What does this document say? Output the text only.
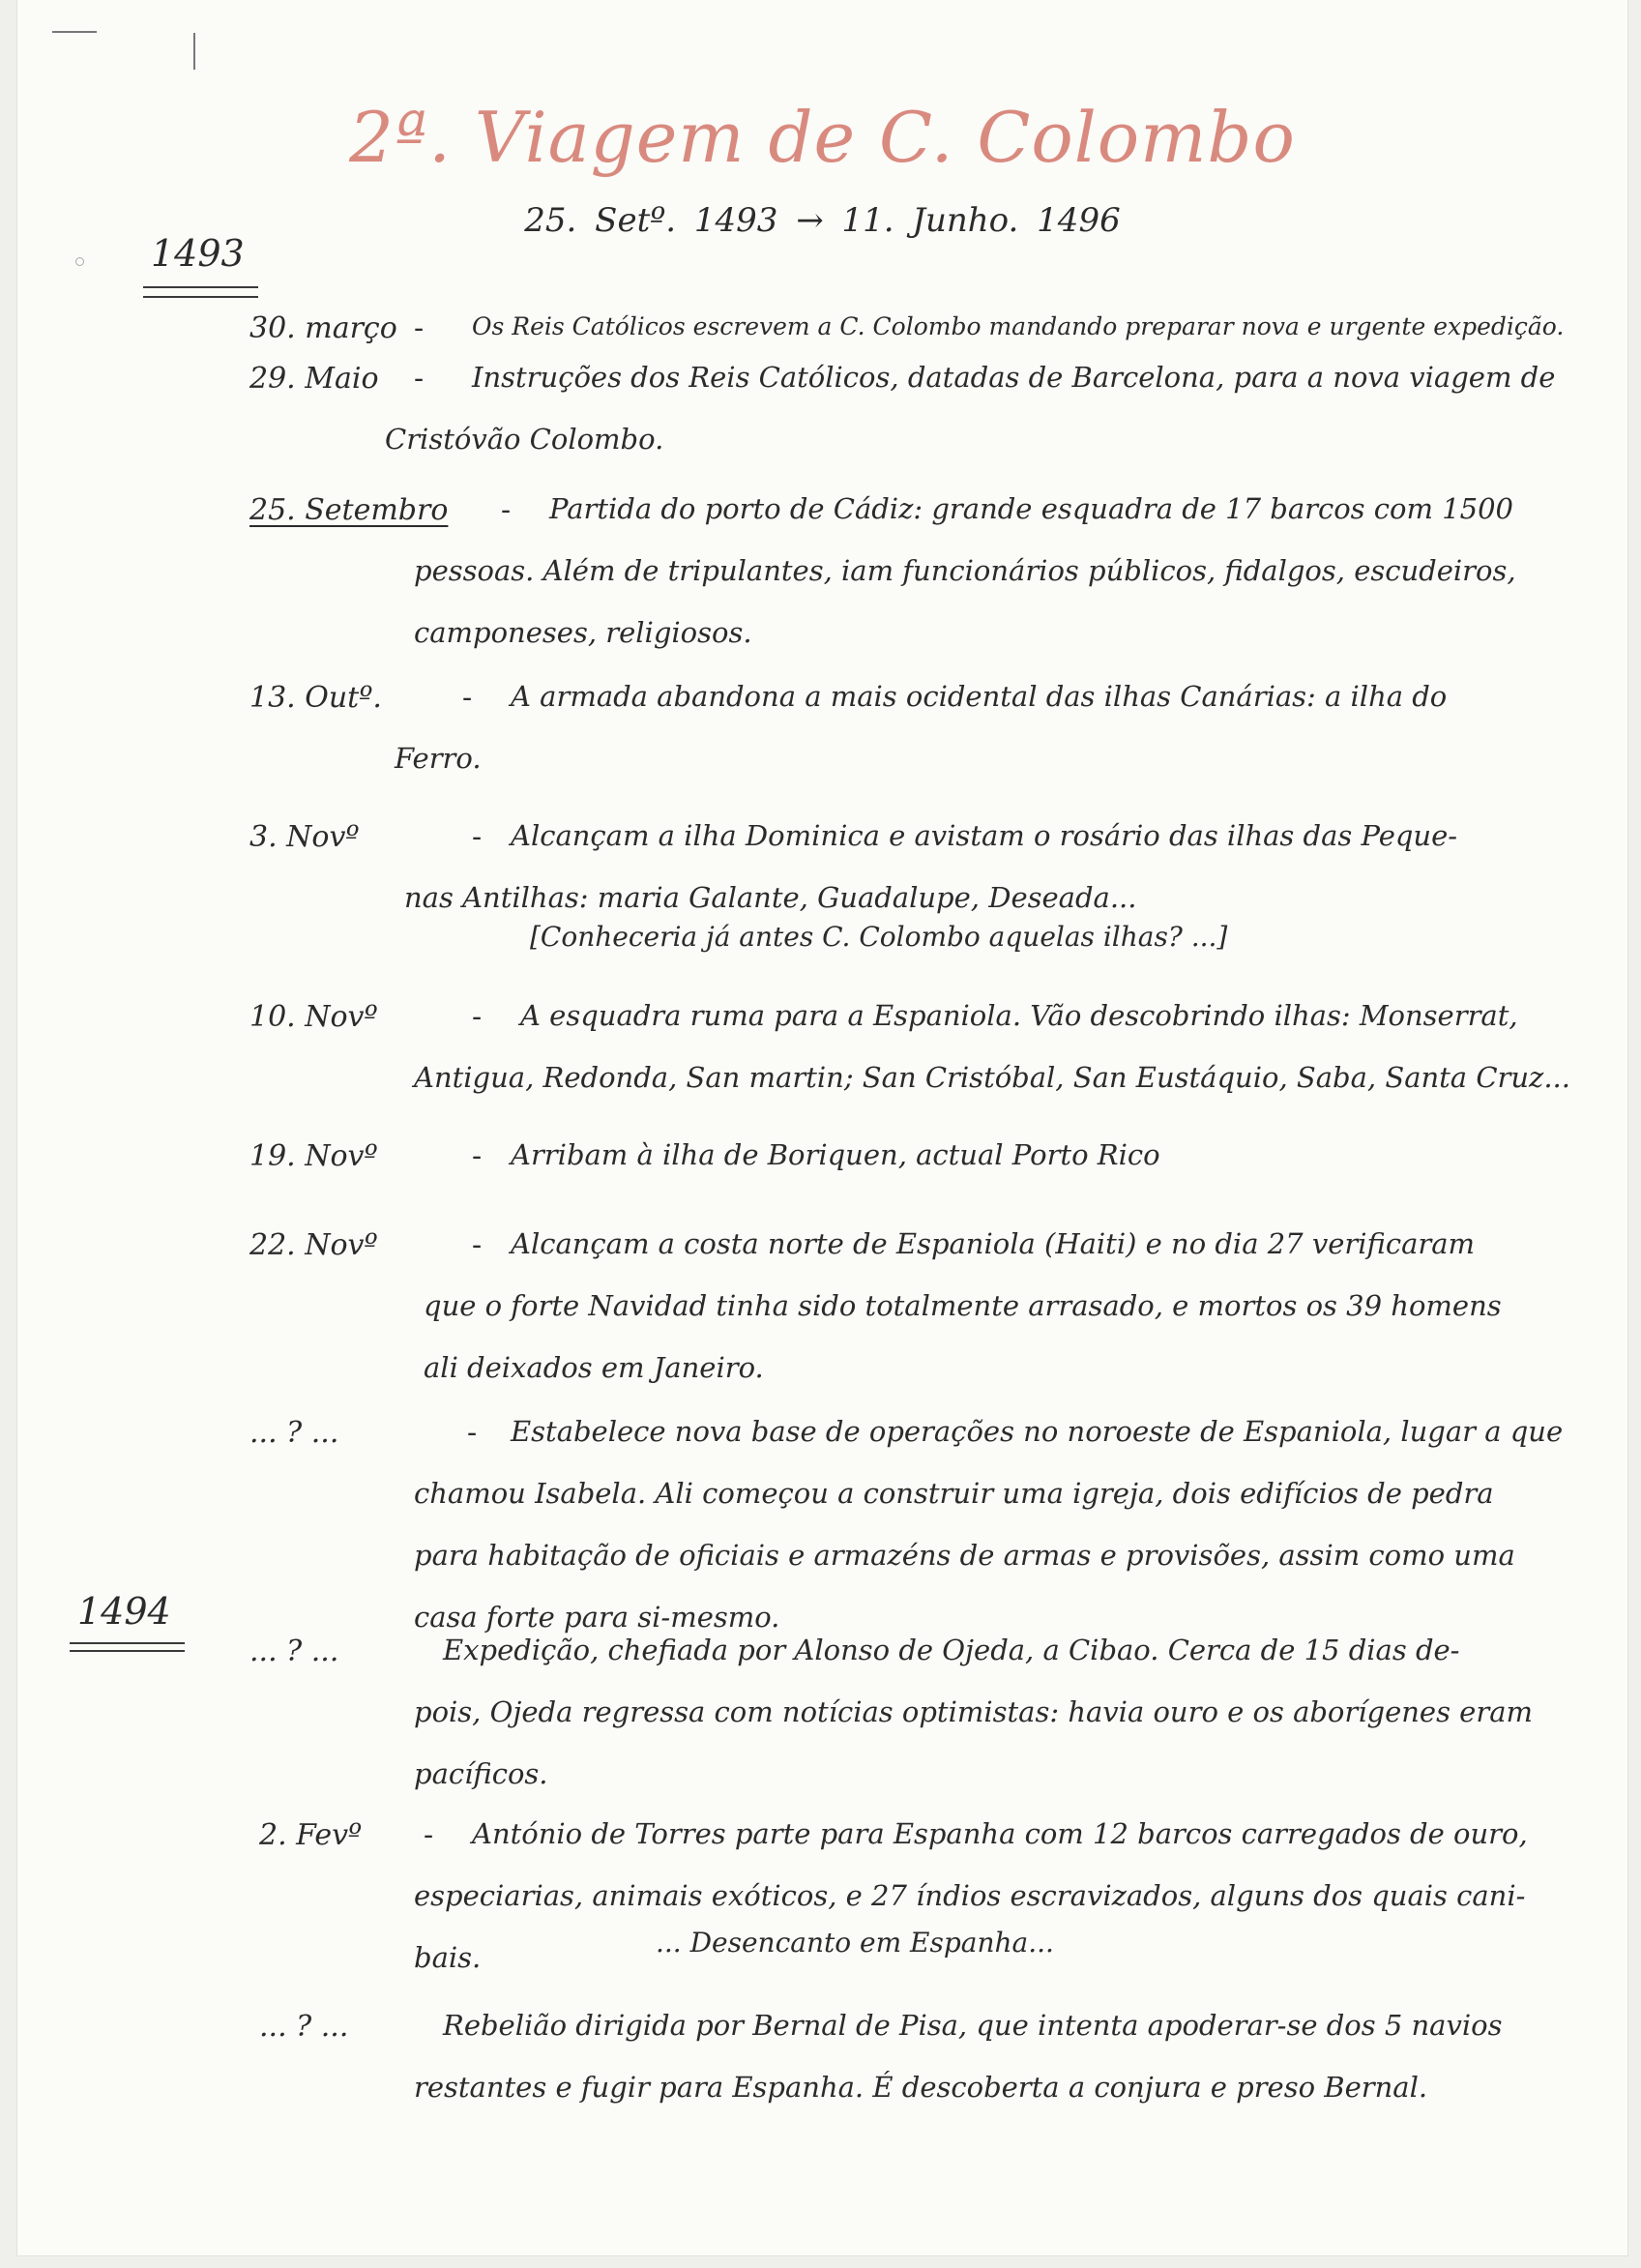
2ª. Viagem de C. Colombo
25. Setº. 1493 → 11. Junho. 1496
1493
1494
30. março - Os Reis Católicos escrevem a C. Colombo mandando preparar nova e urgente expedição.
29. Maio -	Instruções dos Reis Católicos, datadas de Barcelona, para a nova viagem de
Cristóvão Colombo.
25. Setembro -	Partida do porto de Cádiz: grande esquadra de 17 barcos com 1500
pessoas. Além de tripulantes, iam funcionários públicos, fidalgos, escudeiros,
camponeses, religiosos.
13. Outº.	-	A armada abandona a mais ocidental das ilhas Canárias: a ilha do
Ferro.
3. Novº	-	Alcançam a ilha Dominica e avistam o rosário das ilhas das Peque-
nas Antilhas: maria Galante, Guadalupe, Deseada...
[Conheceria já antes C. Colombo aquelas ilhas? ...]
10. Novº	-	A esquadra ruma para a Espaniola. Vão descobrindo ilhas: Monserrat,
Antigua, Redonda, San martin; San Cristóbal, San Eustáquio, Saba, Santa Cruz...
19. Novº	- Arribam à ilha de Boriquen, actual Porto Rico
22. Novº	-	Alcançam a costa norte de Espaniola (Haiti) e no dia 27 verificaram
que o forte Navidad tinha sido totalmente arrasado, e mortos os 39 homens
ali deixados em Janeiro.
... ? ...	-	Estabelece nova base de operações no noroeste de Espaniola, lugar a que
chamou Isabela. Ali começou a construir uma igreja, dois edifícios de pedra
para habitação de oficiais e armazéns de armas e provisões, assim como uma
casa forte para si-mesmo.
... ? ...	Expedição, chefiada por Alonso de Ojeda, a Cibao. Cerca de 15 dias de-
pois, Ojeda regressa com notícias optimistas: havia ouro e os aborígenes eram
pacíficos.
2. Fevº -	António de Torres parte para Espanha com 12 barcos carregados de ouro,
especiarias, animais exóticos, e 27 índios escravizados, alguns dos quais cani-
bais.	... Desencanto em Espanha...
... ? ...	Rebelião dirigida por Bernal de Pisa, que intenta apoderar-se dos 5 navios
restantes e fugir para Espanha. É descoberta a conjura e preso Bernal.
